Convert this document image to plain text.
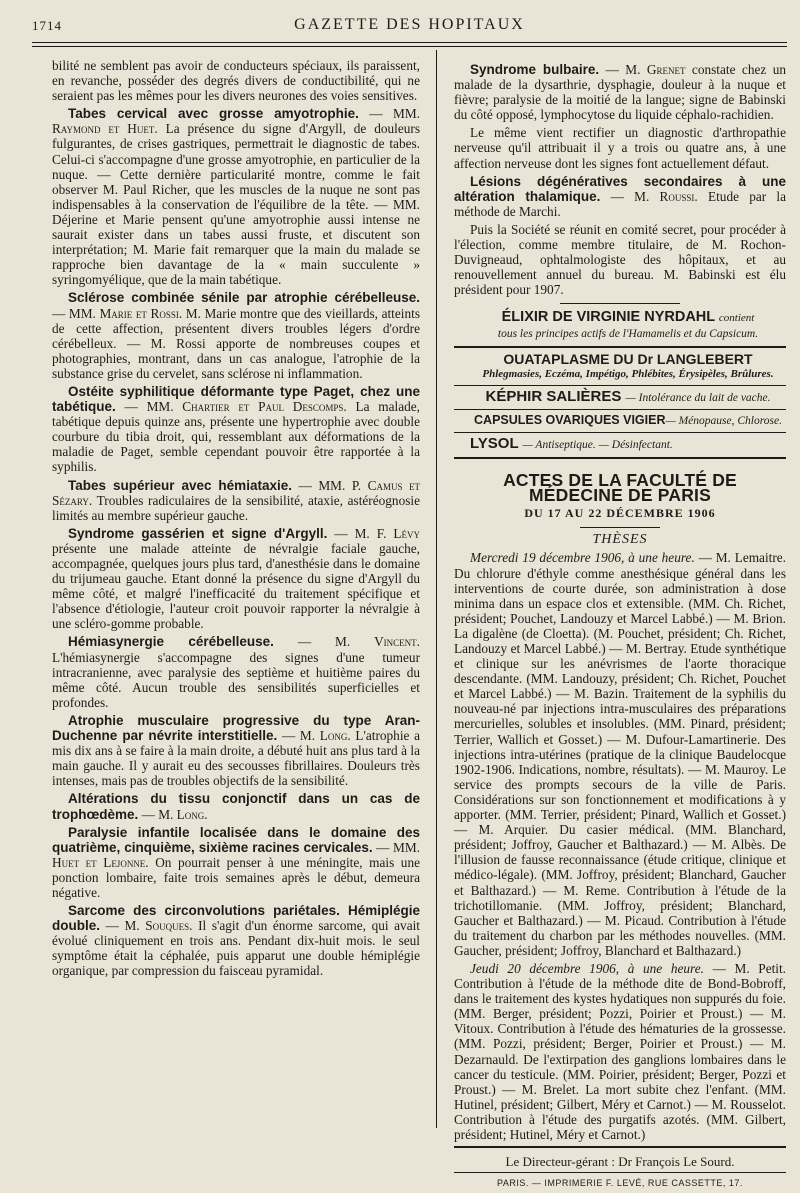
1714	GAZETTE DES HOPITAUX

bilité ne semblent pas avoir de conducteurs spéciaux, ils paraissent, en revanche, posséder des degrés divers de conductibilité, qui ne seraient pas les mêmes pour les divers neurones des voies sensitives.

Tabes cervical avec grosse amyotrophie. — MM. Raymond et Huet. La présence du signe d'Argyll, de douleurs fulgurantes, de crises gastriques, permettrait le diagnostic de tabes. Celui-ci s'accompagne d'une grosse amyotrophie, en particulier de la nuque. — Cette dernière particularité montre, comme le fait observer M. Paul Richer, que les muscles de la nuque ne sont pas indispensables à la conservation de l'équilibre de la tête. — MM. Déjerine et Marie pensent qu'une amyotrophie aussi intense ne saurait exister dans un tabes aussi fruste, et discutent son interprétation; M. Marie fait remarquer que la main du malade se rapproche bien davantage de la « main succulente » syringomyélique, que de la main tabétique.

Sclérose combinée sénile par atrophie cérébelleuse. — MM. Marie et Rossi. M. Marie montre que des vieillards, atteints de cette affection, présentent divers troubles légers d'ordre cérébelleux. — M. Rossi apporte de nombreuses coupes et photographies, montrant, dans un cas analogue, l'atrophie de la substance grise du cervelet, sans sclérose ni inflammation.

Ostéite syphilitique déformante type Paget, chez une tabétique. — MM. Chartier et Paul Descomps. La malade, tabétique depuis quinze ans, présente une hypertrophie avec double courbure du tibia droit, qui, ressemblant aux déformations de la maladie de Paget, semble cependant pouvoir être rapportée à la syphilis.

Tabes supérieur avec hémiataxie. — MM. P. Camus et Sézary. Troubles radiculaires de la sensibilité, ataxie, astéréognosie limités au membre supérieur gauche.

Syndrome gassérien et signe d'Argyll. — M. F. Lévy présente une malade atteinte de névralgie faciale gauche, accompagnée, quelques jours plus tard, d'anesthésie dans le domaine du trijumeau gauche. Etant donné la présence du signe d'Argyll du même côté, et malgré l'inefficacité du traitement spécifique et l'absence d'étiologie, l'auteur croit pouvoir rapporter la névralgie à une scléro-gomme probable.

Hémiasynergie cérébelleuse. — M. Vincent. L'hémiasynergie s'accompagne des signes d'une tumeur intracranienne, avec paralysie des septième et huitième paires du même côté. Aucun trouble des sensibilités superficielles et profondes.

Atrophie musculaire progressive du type Aran-Duchenne par névrite interstitielle. — M. Long. L'atrophie a mis dix ans à se faire à la main droite, a débuté huit ans plus tard à la main gauche. Il y aurait eu des secousses fibrillaires. Douleurs très intenses, mais pas de troubles objectifs de la sensibilité.

Altérations du tissu conjonctif dans un cas de trophœdème. — M. Long.

Paralysie infantile localisée dans le domaine des quatrième, cinquième, sixième racines cervicales. — MM. Huet et Lejonne. On pourrait penser à une méningite, mais une ponction lombaire, faite trois semaines après le début, demeura négative.

Sarcome des circonvolutions pariétales. Hémiplégie double. — M. Souques. Il s'agit d'un énorme sarcome, qui avait évolué cliniquement en trois ans. Pendant dix-huit mois. le seul symptôme était la céphalée, puis apparut une double hémiplégie organique, par compression du faisceau pyramidal.

Syndrome bulbaire. — M. Grenet constate chez un malade de la dysarthrie, dysphagie, douleur à la nuque et fièvre; paralysie de la moitié de la langue; signe de Babinski du côté opposé, lymphocytose du liquide céphalo-rachidien.

Le même vient rectifier un diagnostic d'arthropathie nerveuse qu'il attribuait il y a trois ou quatre ans, à une affection nerveuse dont les signes font actuellement défaut.

Lésions dégénératives secondaires à une altération thalamique. — M. Roussi. Etude par la méthode de Marchi.

Puis la Société se réunit en comité secret, pour procéder à l'élection, comme membre titulaire, de M. Rochon-Duvigneaud, ophtalmologiste des hôpitaux, et au renouvellement annuel du bureau. M. Babinski est élu président pour 1907.

ÉLIXIR DE VIRGINIE NYRDAHL contient

tous les principes actifs de l'Hamamelis et du Capsicum.

OUATAPLASME DU Dr LANGLEBERT

Phlegmasies, Eczéma, Impétigo, Phlébites, Érysipèles, Brûlures.

KÉPHIR SALIÈRES — Intolérance du lait de vache.

CAPSULES OVARIQUES VIGIER— Ménopause, Chlorose.

LYSOL — Antiseptique. — Désinfectant.

ACTES DE LA FACULTÉ DE MÉDECINE DE PARIS
DU 17 AU 22 DÉCEMBRE 1906
THÈSES

Mercredi 19 décembre 1906, à une heure. — M. Lemaitre. Du chlorure d'éthyle comme anesthésique général dans les interventions de courte durée, son administration à dose minima dans un espace clos et extensible. (MM. Ch. Richet, président; Pouchet, Landouzy et Marcel Labbé.) — M. Brion. La digalène (de Cloetta). (M. Pouchet, président; Ch. Richet, Landouzy et Marcel Labbé.) — M. Bertray. Etude synthétique et clinique sur les anévrismes de l'aorte thoracique descendante. (MM. Landouzy, président; Ch. Richet, Pouchet et Marcel Labbé.) — M. Bazin. Traitement de la syphilis du nouveau-né par injections intra-musculaires des préparations mercurielles, solubles et insolubles. (MM. Pinard, président; Terrier, Wallich et Gosset.) — M. Dufour-Lamartinerie. Des injections intra-utérines (pratique de la clinique Baudelocque 1902-1906. Indications, nombre, résultats). — M. Mauroy. Le service des prompts secours de la ville de Paris. Considérations sur son fonctionnement et modifications à y apporter. (MM. Terrier, président; Pinard, Wallich et Gosset.) — M. Arquier. Du casier médical. (MM. Blanchard, président; Joffroy, Gaucher et Balthazard.) — M. Albès. De l'illusion de fausse reconnaissance (étude critique, clinique et médico-légale). (MM. Joffroy, président; Blanchard, Gaucher et Balthazard.) — M. Reme. Contribution à l'étude de la trichotillomanie. (MM. Joffroy, président; Blanchard, Gaucher et Balthazard.) — M. Picaud. Contribution à l'étude du traitement du charbon par les méthodes nouvelles. (MM. Gaucher, président; Joffroy, Blanchard et Balthazard.)

Jeudi 20 décembre 1906, à une heure. — M. Petit. Contribution à l'étude de la méthode dite de Bond-Bobroff, dans le traitement des kystes hydatiques non suppurés du foie. (MM. Berger, président; Pozzi, Poirier et Proust.) — M. Vitoux. Contribution à l'étude des hématuries de la grossesse. (MM. Pozzi, président; Berger, Poirier et Proust.) — M. Dezarnauld. De l'extirpation des ganglions lombaires dans le cancer du testicule. (MM. Poirier, président; Berger, Pozzi et Proust.) — M. Brelet. La mort subite chez l'enfant. (MM. Hutinel, président; Gilbert, Méry et Carnot.) — M. Rousselot. Contribution à l'étude des purgatifs azotés. (MM. Gilbert, président; Hutinel, Méry et Carnot.)

Le Directeur-gérant : Dr François Le Sourd.
PARIS. — IMPRIMERIE F. LEVÉ, RUE CASSETTE, 17.
